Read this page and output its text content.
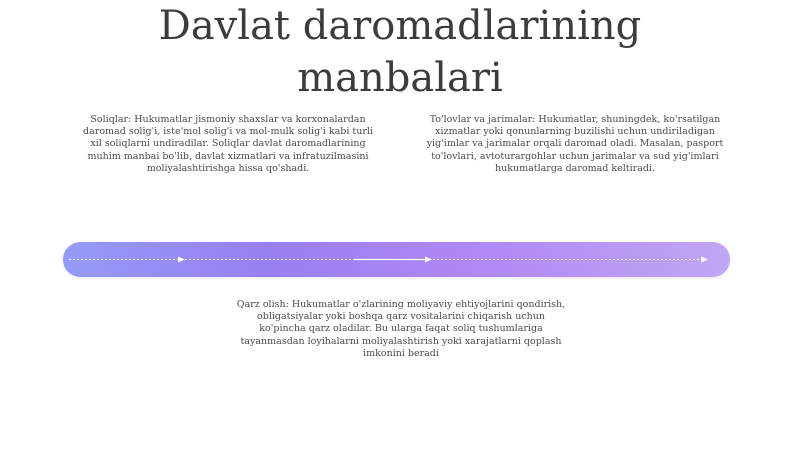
Davlat daromadlarining
manbalari
Soliqlar: Hukumatlar jismoniy shaxslar va korxonalardan daromad solig'i, iste'mol solig'i va mol-mulk solig'i kabi turli xil soliqlarni undiradilar. Soliqlar davlat daromadlarining muhim manbai bo'lib, davlat xizmatlari va infratuzilmasini moliyalashtirishga hissa qo'shadi.
To'lovlar va jarimalar: Hukumatlar, shuningdek, ko'rsatilgan xizmatlar yoki qonunlarning buzilishi uchun undiriladigan yig'imlar va jarimalar orqali daromad oladi. Masalan, pasport to'lovlari, avtoturargohlar uchun jarimalar va sud yig'imlari hukumatlarga daromad keltiradi.
Qarz olish: Hukumatlar o'zlarining moliyaviy ehtiyojlarini qondirish, obligatsiyalar yoki boshqa qarz vositalarini chiqarish uchun ko'pincha qarz oladilar. Bu ularga faqat soliq tushumlariga tayanmasdan loyihalarni moliyalashtirish yoki xarajatlarni qoplash imkonini beradi
